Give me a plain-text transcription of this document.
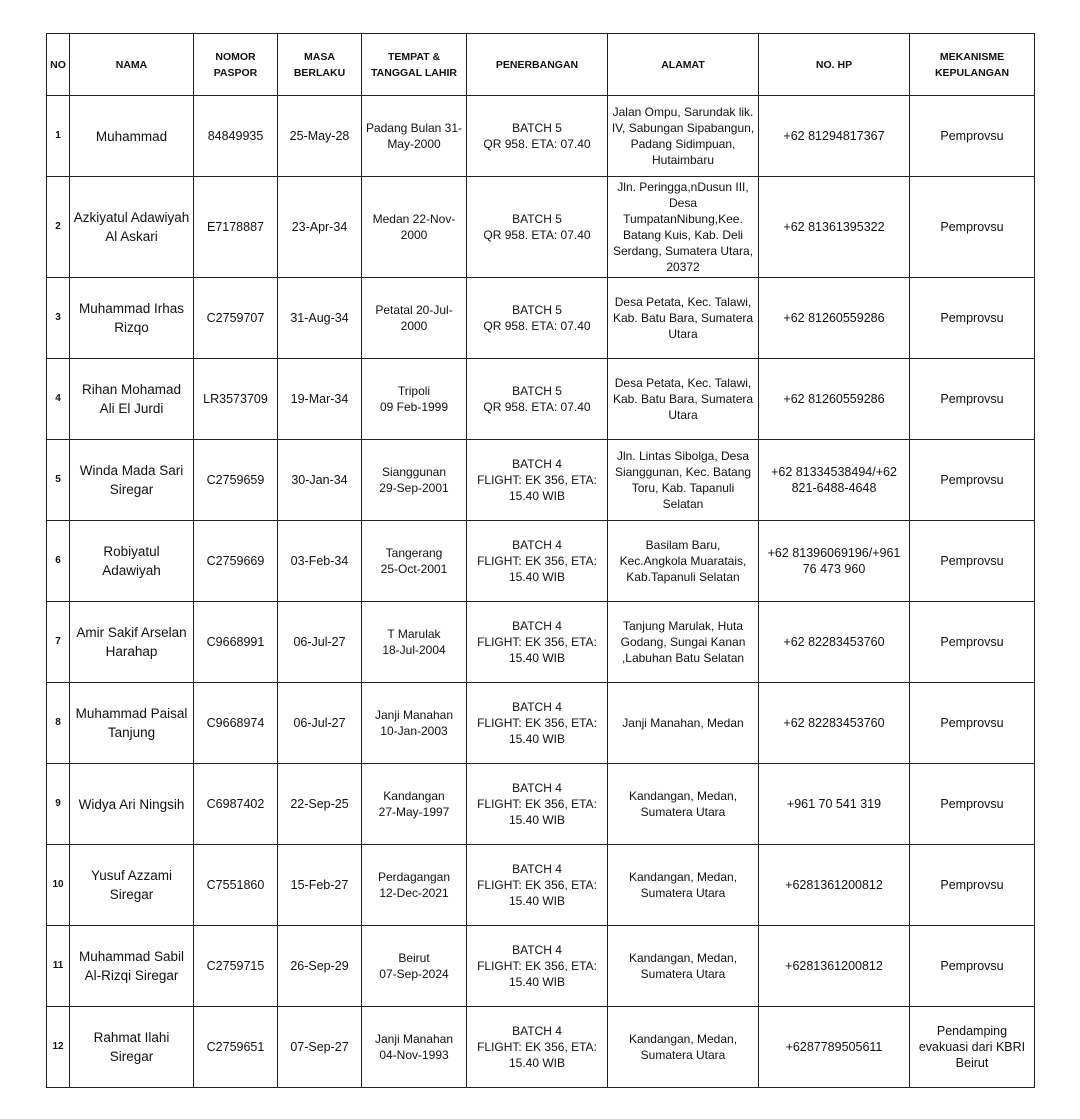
NO	NAMA	NOMOR PASPOR	MASA BERLAKU	TEMPAT & TANGGAL LAHIR	PENERBANGAN	ALAMAT	NO. HP	MEKANISME KEPULANGAN
1	Muhammad	84849935	25-May-28	Padang Bulan 31-May-2000	BATCH 5
QR 958. ETA: 07.40	Jalan Ompu, Sarundak lik. IV, Sabungan Sipabangun, Padang Sidimpuan, Hutaimbaru	+62 81294817367	Pemprovsu
2	Azkiyatul Adawiyah Al Askari	E7178887	23-Apr-34	Medan 22-Nov-2000	BATCH 5
QR 958. ETA: 07.40	Jln. Peringga,nDusun III, Desa TumpatanNibung,Kee. Batang Kuis, Kab. Deli Serdang, Sumatera Utara, 20372	+62 81361395322	Pemprovsu
3	Muhammad Irhas Rizqo	C2759707	31-Aug-34	Petatal 20-Jul-2000	BATCH 5
QR 958. ETA: 07.40	Desa Petata, Kec. Talawi, Kab. Batu Bara, Sumatera Utara	+62 81260559286	Pemprovsu
4	Rihan Mohamad Ali El Jurdi	LR3573709	19-Mar-34	Tripoli
09 Feb-1999	BATCH 5
QR 958. ETA: 07.40	Desa Petata, Kec. Talawi, Kab. Batu Bara, Sumatera Utara	+62 81260559286	Pemprovsu
5	Winda Mada Sari Siregar	C2759659	30-Jan-34	Sianggunan
29-Sep-2001	BATCH 4
FLIGHT: EK 356, ETA: 15.40 WIB	Jln. Lintas Sibolga, Desa Sianggunan, Kec. Batang Toru, Kab. Tapanuli Selatan	+62 81334538494/+62 821-6488-4648	Pemprovsu
6	Robiyatul Adawiyah	C2759669	03-Feb-34	Tangerang
25-Oct-2001	BATCH 4
FLIGHT: EK 356, ETA: 15.40 WIB	Basilam Baru, Kec.Angkola Muaratais, Kab.Tapanuli Selatan	+62 81396069196/+961 76 473 960	Pemprovsu
7	Amir Sakif Arselan Harahap	C9668991	06-Jul-27	T Marulak
18-Jul-2004	BATCH 4
FLIGHT: EK 356, ETA: 15.40 WIB	Tanjung Marulak, Huta Godang, Sungai Kanan ,Labuhan Batu Selatan	+62 82283453760	Pemprovsu
8	Muhammad Paisal Tanjung	C9668974	06-Jul-27	Janji Manahan
10-Jan-2003	BATCH 4
FLIGHT: EK 356, ETA: 15.40 WIB	Janji Manahan, Medan	+62 82283453760	Pemprovsu
9	Widya Ari Ningsih	C6987402	22-Sep-25	Kandangan
27-May-1997	BATCH 4
FLIGHT: EK 356, ETA: 15.40 WIB	Kandangan, Medan, Sumatera Utara	+961 70 541 319	Pemprovsu
10	Yusuf Azzami Siregar	C7551860	15-Feb-27	Perdagangan
12-Dec-2021	BATCH 4
FLIGHT: EK 356, ETA: 15.40 WIB	Kandangan, Medan, Sumatera Utara	+6281361200812	Pemprovsu
11	Muhammad Sabil Al-Rizqi Siregar	C2759715	26-Sep-29	Beirut
07-Sep-2024	BATCH 4
FLIGHT: EK 356, ETA: 15.40 WIB	Kandangan, Medan, Sumatera Utara	+6281361200812	Pemprovsu
12	Rahmat Ilahi Siregar	C2759651	07-Sep-27	Janji Manahan
04-Nov-1993	BATCH 4
FLIGHT: EK 356, ETA: 15.40 WIB	Kandangan, Medan, Sumatera Utara	+6287789505611	Pendamping evakuasi dari KBRI Beirut
